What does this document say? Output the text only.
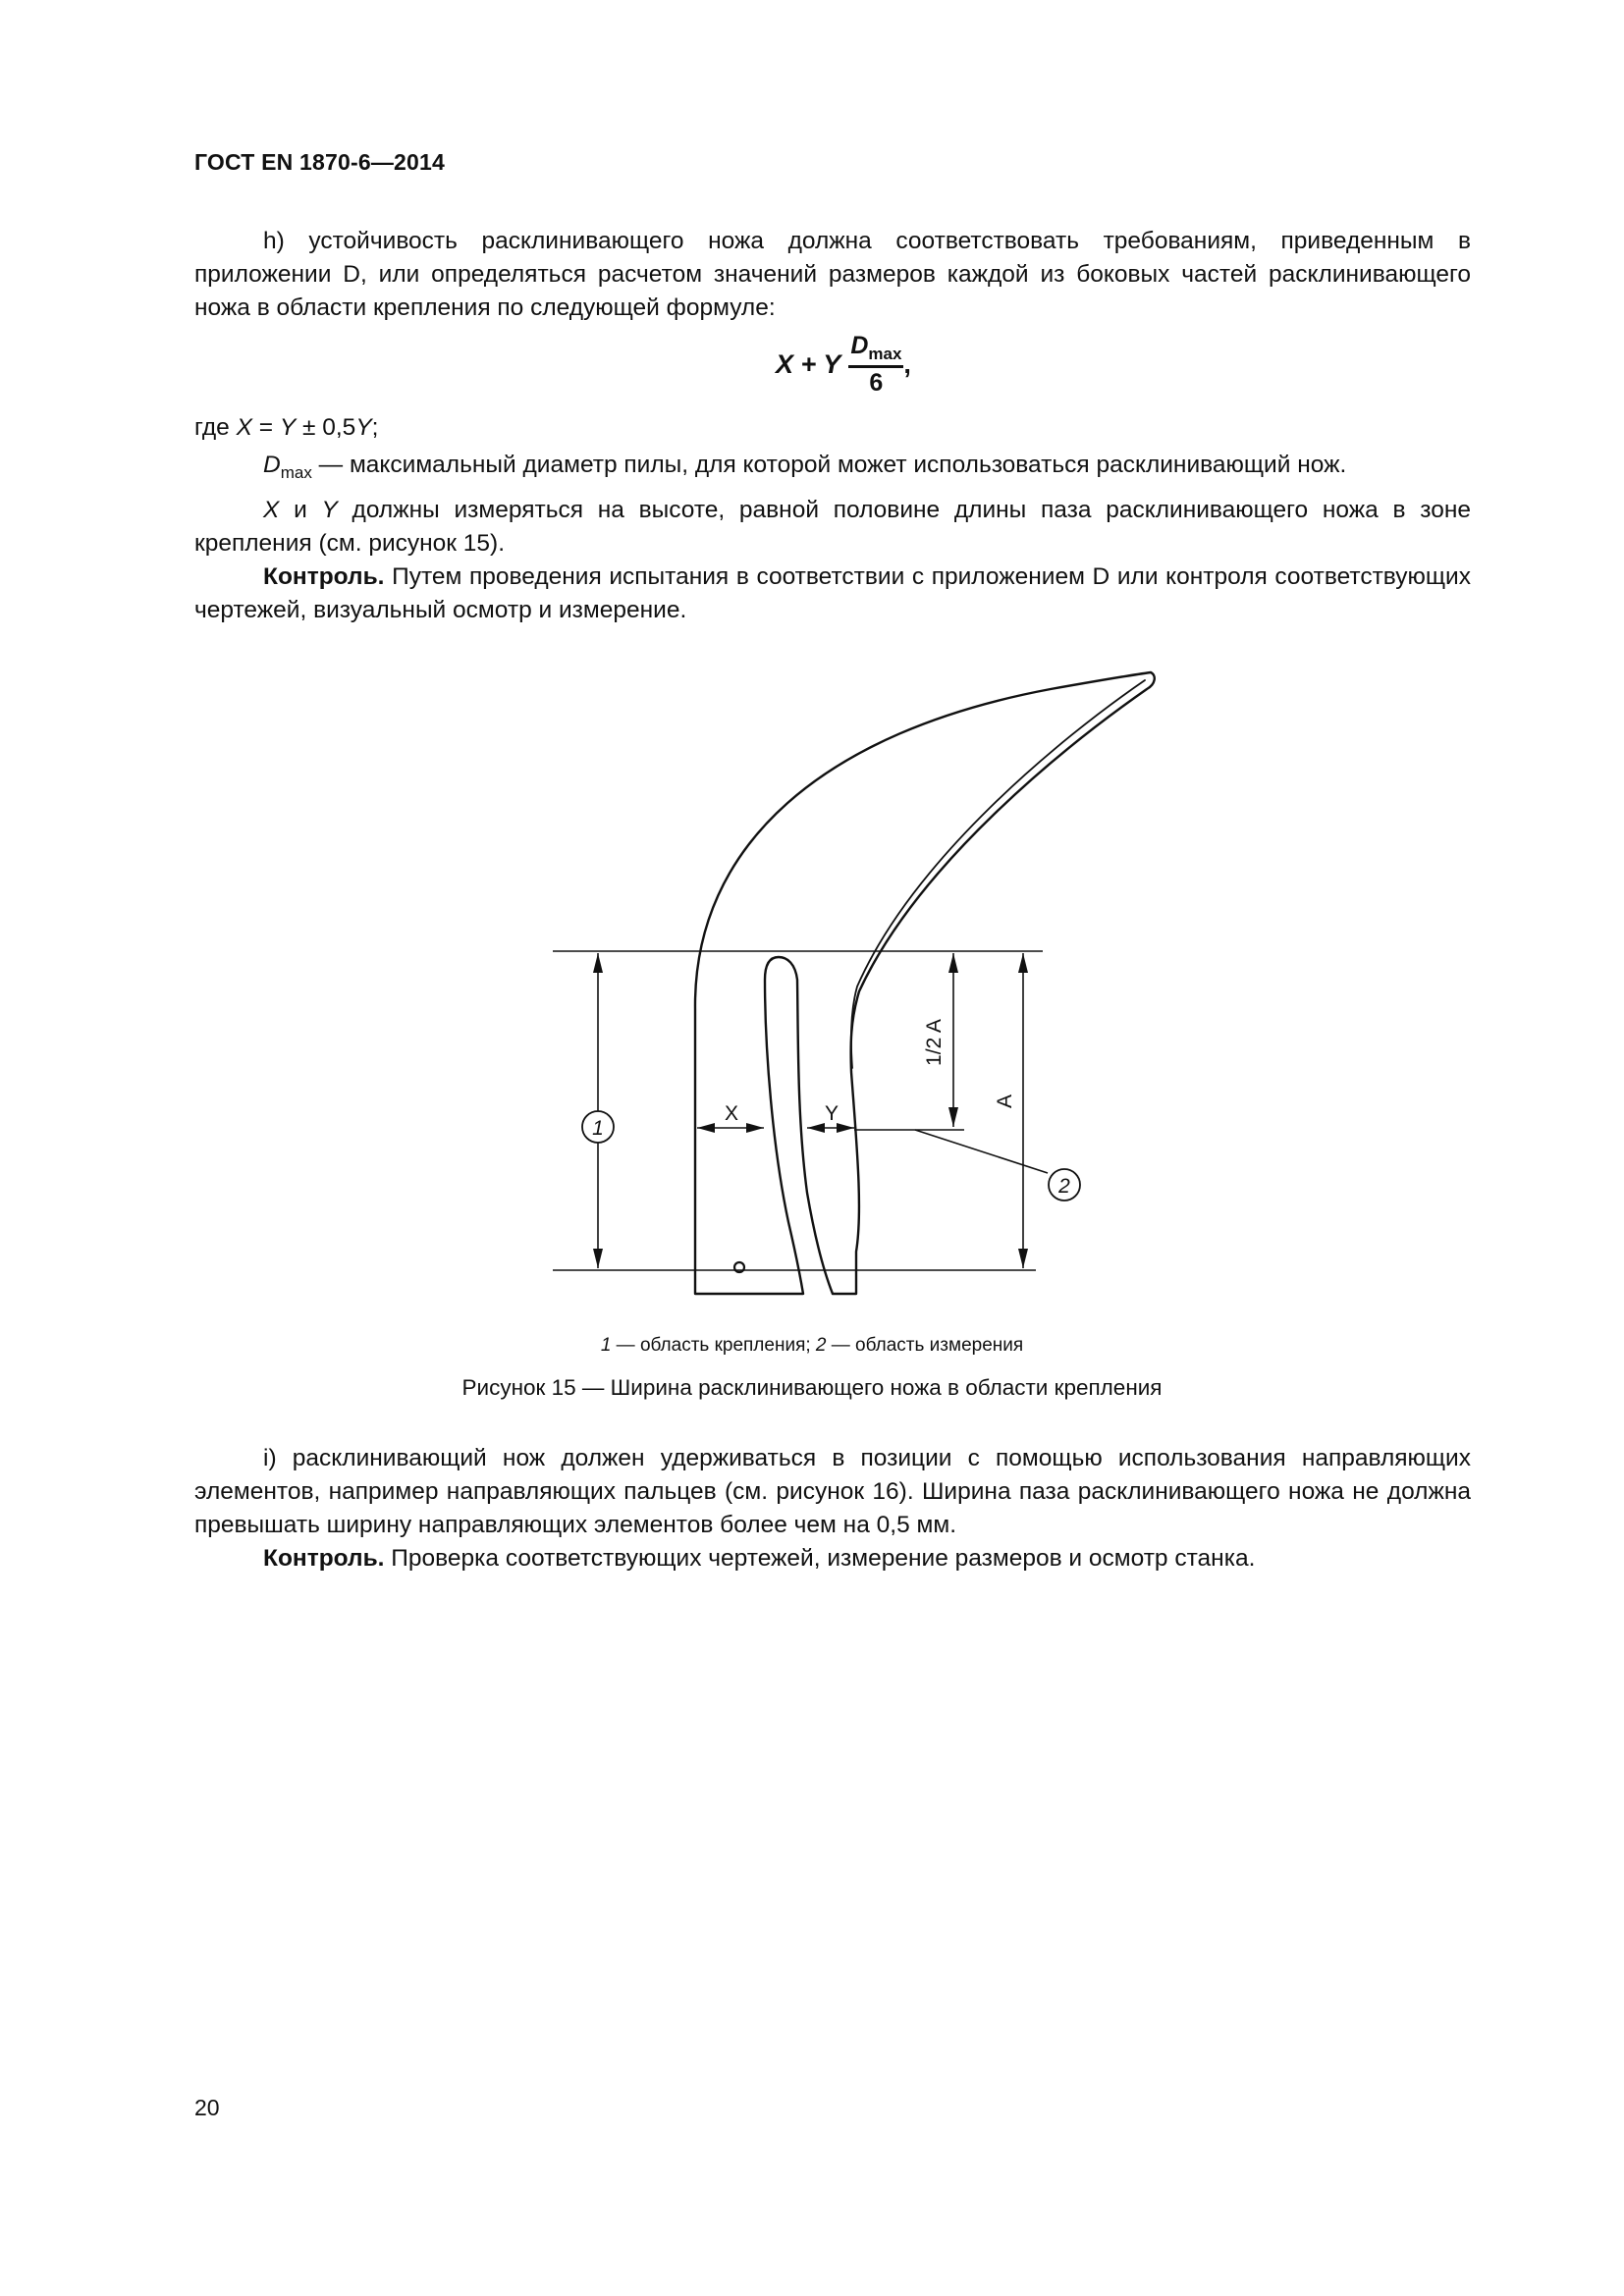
ГОСТ EN 1870-6—2014
h) устойчивость расклинивающего ножа должна соответствовать требованиям, приведенным в приложении D, или определяться расчетом значений размеров каждой из боковых частей расклинивающего ножа в области крепления по следующей формуле:
X + Y $\frac{D_{max}}{6}$ ,
где X = Y ± 0,5Y;
$D_{max}$ — максимальный диаметр пилы, для которой может использоваться расклинивающий нож.
X и Y должны измеряться на высоте, равной половине длины паза расклинивающего ножа в зоне крепления (см. рисунок 15).
Контроль. Путем проведения испытания в соответствии с приложением D или контроля соответствующих чертежей, визуальный осмотр и измерение.
X	Y
1/2 A
A
1
2
1 — область крепления; 2 — область измерения
Рисунок 15 — Ширина расклинивающего ножа в области крепления
i) расклинивающий нож должен удерживаться в позиции с помощью использования направляющих элементов, например направляющих пальцев (см. рисунок 16). Ширина паза расклинивающего ножа не должна превышать ширину направляющих элементов более чем на 0,5 мм.
Контроль. Проверка соответствующих чертежей, измерение размеров и осмотр станка.
20
